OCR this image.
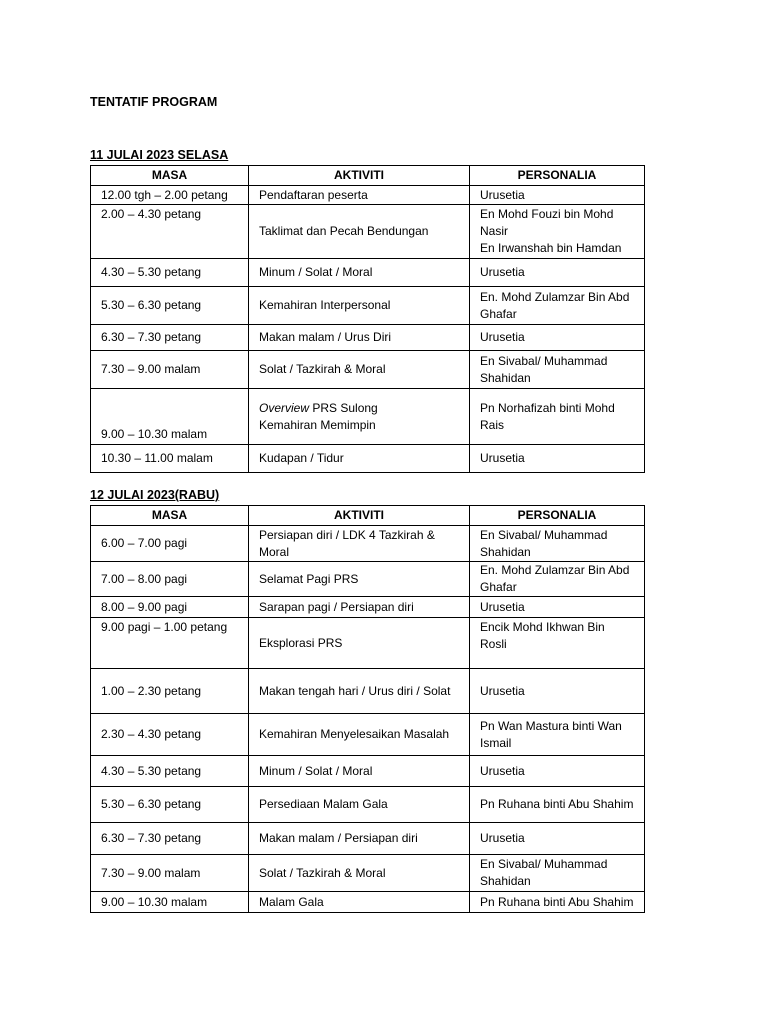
TENTATIF PROGRAM
11 JULAI 2023 SELASA
MASA	AKTIVITI	PERSONALIA
12.00 tgh – 2.00 petang	Pendaftaran peserta	Urusetia
2.00 – 4.30 petang	Taklimat dan Pecah Bendungan	En Mohd Fouzi bin Mohd
Nasir
En Irwanshah bin Hamdan
4.30 – 5.30 petang	Minum / Solat / Moral	Urusetia
5.30 – 6.30 petang	Kemahiran Interpersonal	En. Mohd Zulamzar Bin Abd
Ghafar
6.30 – 7.30 petang	Makan malam / Urus Diri	Urusetia
7.30 – 9.00 malam	Solat / Tazkirah & Moral	En Sivabal/ Muhammad
Shahidan
9.00 – 10.30 malam	Overview PRS Sulong
Kemahiran Memimpin	Pn Norhafizah binti Mohd
Rais
10.30 – 11.00 malam	Kudapan / Tidur	Urusetia
12 JULAI 2023(RABU)
MASA	AKTIVITI	PERSONALIA
6.00 – 7.00 pagi	Persiapan diri / LDK 4 Tazkirah &
Moral	En Sivabal/ Muhammad
Shahidan
7.00 – 8.00 pagi	Selamat Pagi PRS	En. Mohd Zulamzar Bin Abd
Ghafar
8.00 – 9.00 pagi	Sarapan pagi / Persiapan diri	Urusetia
9.00 pagi – 1.00 petang	Eksplorasi PRS	Encik Mohd Ikhwan Bin
Rosli
1.00 – 2.30 petang	Makan tengah hari / Urus diri / Solat	Urusetia
2.30 – 4.30 petang	Kemahiran Menyelesaikan Masalah	Pn Wan Mastura binti Wan
Ismail
4.30 – 5.30 petang	Minum / Solat / Moral	Urusetia
5.30 – 6.30 petang	Persediaan Malam Gala	Pn Ruhana binti Abu Shahim
6.30 – 7.30 petang	Makan malam / Persiapan diri	Urusetia
7.30 – 9.00 malam	Solat / Tazkirah & Moral	En Sivabal/ Muhammad
Shahidan
9.00 – 10.30 malam	Malam Gala	Pn Ruhana binti Abu Shahim
